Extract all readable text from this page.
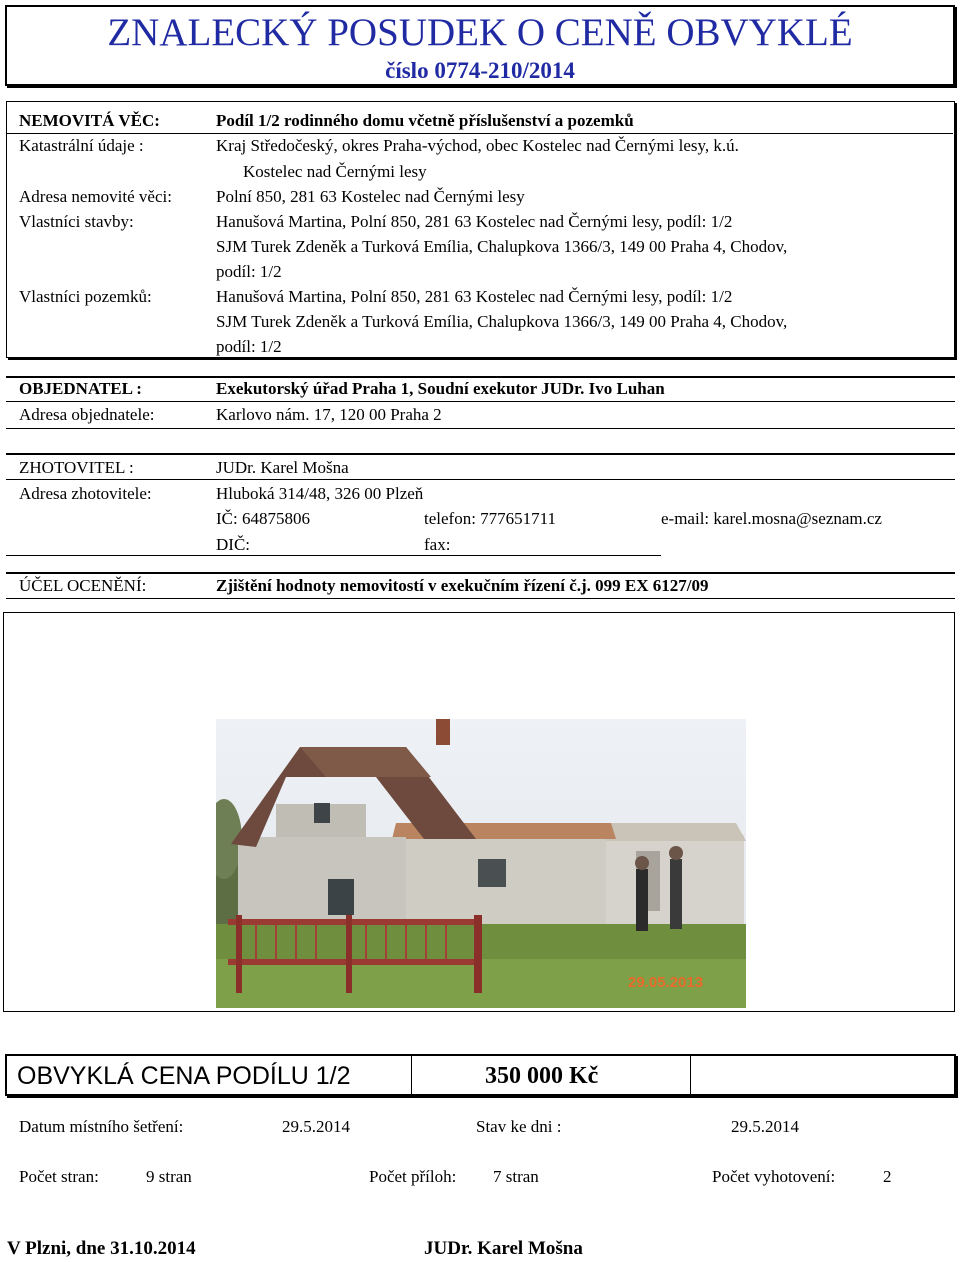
ZNALECKÝ POSUDEK O CENĚ OBVYKLÉ
číslo 0774-210/2014
NEMOVITÁ VĚC:	Podíl 1/2 rodinného domu včetně příslušenství a pozemků
Katastrální údaje :	Kraj Středočeský, okres Praha-východ, obec Kostelec nad Černými lesy, k.ú.
Kostelec nad Černými lesy
Adresa nemovité věci:	Polní 850, 281 63 Kostelec nad Černými lesy
Vlastníci stavby:	Hanušová Martina, Polní 850, 281 63 Kostelec nad Černými lesy, podíl: 1/2
SJM Turek Zdeněk a Turková Emília, Chalupkova 1366/3, 149 00 Praha 4, Chodov,
podíl: 1/2
Vlastníci pozemků:	Hanušová Martina, Polní 850, 281 63 Kostelec nad Černými lesy, podíl: 1/2
SJM Turek Zdeněk a Turková Emília, Chalupkova 1366/3, 149 00 Praha 4, Chodov,
podíl: 1/2
OBJEDNATEL :	Exekutorský úřad Praha 1, Soudní exekutor JUDr. Ivo Luhan
Adresa objednatele:	Karlovo nám. 17, 120 00 Praha 2
ZHOTOVITEL :	JUDr. Karel Mošna
Adresa zhotovitele:	Hluboká 314/48, 326 00 Plzeň
IČ: 64875806	telefon: 777651711	e-mail: karel.mosna@seznam.cz
DIČ:	fax:
ÚČEL OCENĚNÍ:	Zjištění hodnoty nemovitostí v exekučním řízení č.j. 099 EX 6127/09
29.05.2013
OBVYKLÁ CENA PODÍLU 1/2	350 000 Kč
Datum místního šetření:	29.5.2014	Stav ke dni :	29.5.2014
Počet stran:	9 stran	Počet příloh: 7 stran	Počet vyhotovení:	2
V Plzni, dne 31.10.2014	JUDr. Karel Mošna
